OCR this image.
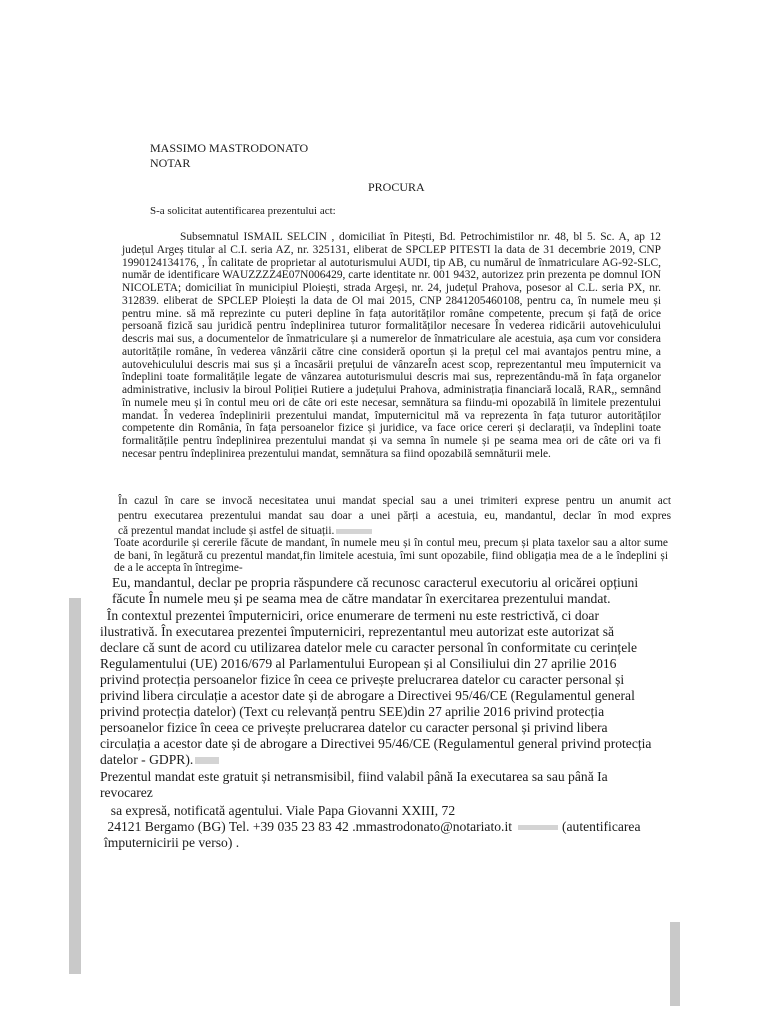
MASSIMO MASTRODONATO

NOTAR

PROCURA

S-a solicitat autentificarea prezentului act:

Subsemnatul ISMAIL SELCIN , domiciliat în Pitești, Bd. Petrochimistilor nr. 48, bl 5. Sc. A, ap 12 județul Argeș titular al C.I. seria AZ, nr. 325131, eliberat de SPCLEP PITESTI la data de 31 decembrie 2019, CNP 1990124134176, , În calitate de proprietar al autoturismului AUDI, tip AB, cu numărul de înmatriculare AG-92-SLC, număr de identificare WAUZZZZ4E07N006429, carte identitate nr. 001 9432, autorizez prin prezenta pe domnul ION NICOLETA; domiciliat în municipiul Ploiești, strada Argeși, nr. 24, județul Prahova, posesor al C.L. seria PX, nr. 312839. eliberat de SPCLEP Ploiești la data de Ol mai 2015, CNP 2841205460108, pentru ca, în numele meu și pentru mine. să mă reprezinte cu puteri depline în fața autorităților române competente, precum și față de orice persoană fizică sau juridică pentru îndeplinirea tuturor formalităților necesare În vederea ridicării autovehiculului descris mai sus, a documentelor de înmatriculare și a numerelor de înmatriculare ale acestuia, așa cum vor considera autoritățile române, în vederea vânzării către cine consideră oportun și la prețul cel mai avantajos pentru mine, a autovehiculului descris mai sus și a încasării prețului de vânzareÎn acest scop, reprezentantul meu împuternicit va îndeplini toate formalitățile legate de vânzarea autoturismului descris mai sus, reprezentându-mă în fața organelor administrative, inclusiv la biroul Poliției Rutiere a județului Prahova, administrația financiară locală, RAR,, semnând în numele meu și în contul meu ori de câte ori este necesar, semnătura sa fiindu-mi opozabilă în limitele prezentului mandat. În vederea îndeplinirii prezentului mandat, împuternicitul mă va reprezenta în fața tuturor autorităților competente din România, în fața persoanelor fizice și juridice, va face orice cereri și declarații, va îndeplini toate formalitățile pentru îndeplinirea prezentului mandat și va semna în numele și pe seama mea ori de câte ori va fi necesar pentru îndeplinirea prezentului mandat, semnătura sa fiind opozabilă semnăturii mele.

În cazul în care se invocă necesitatea unui mandat special sau a unei trimiteri exprese pentru un anumit act
pentru executarea prezentului mandat sau doar a unei părți a acestuia, eu, mandantul, declar în mod expres
că prezentul mandat include și astfel de situații.

Toate acordurile și cererile făcute de mandant, în numele meu și în contul meu, precum și plata taxelor sau a altor sume de bani, în legătură cu prezentul mandat,fin limitele acestuia, îmi sunt opozabile, fiind obligația mea de a le îndeplini și de a le accepta în întregime-

Eu, mandantul, declar pe propria răspundere că recunosc caracterul executoriu al oricărei opțiuni
făcute În numele meu și pe seama mea de către mandatar în exercitarea prezentului mandat.
În contextul prezentei împuterniciri, orice enumerare de termeni nu este restrictivă, ci doar
ilustrativă. În executarea prezentei împuterniciri, reprezentantul meu autorizat este autorizat să
declare că sunt de acord cu utilizarea datelor mele cu caracter personal în conformitate cu cerințele
Regulamentului (UE) 2016/679 al Parlamentului European și al Consiliului din 27 aprilie 2016
privind protecția persoanelor fizice în ceea ce privește prelucrarea datelor cu caracter personal și
privind libera circulație a acestor date și de abrogare a Directivei 95/46/CE (Regulamentul general
privind protecția datelor) (Text cu relevanță pentru SEE)din 27 aprilie 2016 privind protecția
persoanelor fizice în ceea ce privește prelucrarea datelor cu caracter personal și privind libera
circulația a acestor date și de abrogare a Directivei 95/46/CE (Regulamentul general privind protecția
datelor - GDPR).
Prezentul mandat este gratuit și netransmisibil, fiind valabil până Ia executarea sa sau până Ia
revocarez
sa expresă, notificată agentului. Viale Papa Giovanni XXIII, 72
24121 Bergamo (BG) Tel. +39 035 23 83 42 .mmastrodonato@notariato.it	(autentificarea
împuternicirii pe verso) .
